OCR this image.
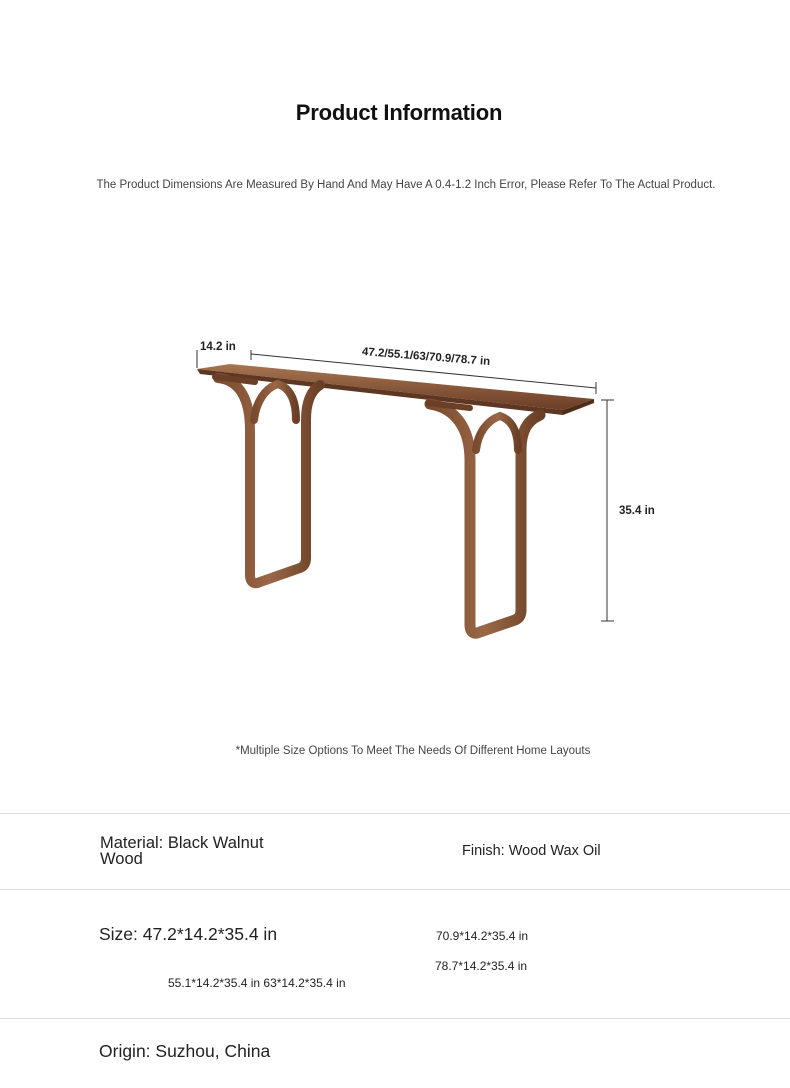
Product Information
The Product Dimensions Are Measured By Hand And May Have A 0.4-1.2 Inch Error, Please Refer To The Actual Product.
14.2 in	47.2/55.1/63/70.9/78.7 in
35.4 in
*Multiple Size Options To Meet The Needs Of Different Home Layouts
Material: Black Walnut Wood	Finish: Wood Wax Oil
Size: 47.2*14.2*35.4 in	70.9*14.2*35.4 in
78.7*14.2*35.4 in
55.1*14.2*35.4 in 63*14.2*35.4 in
Origin: Suzhou, China
